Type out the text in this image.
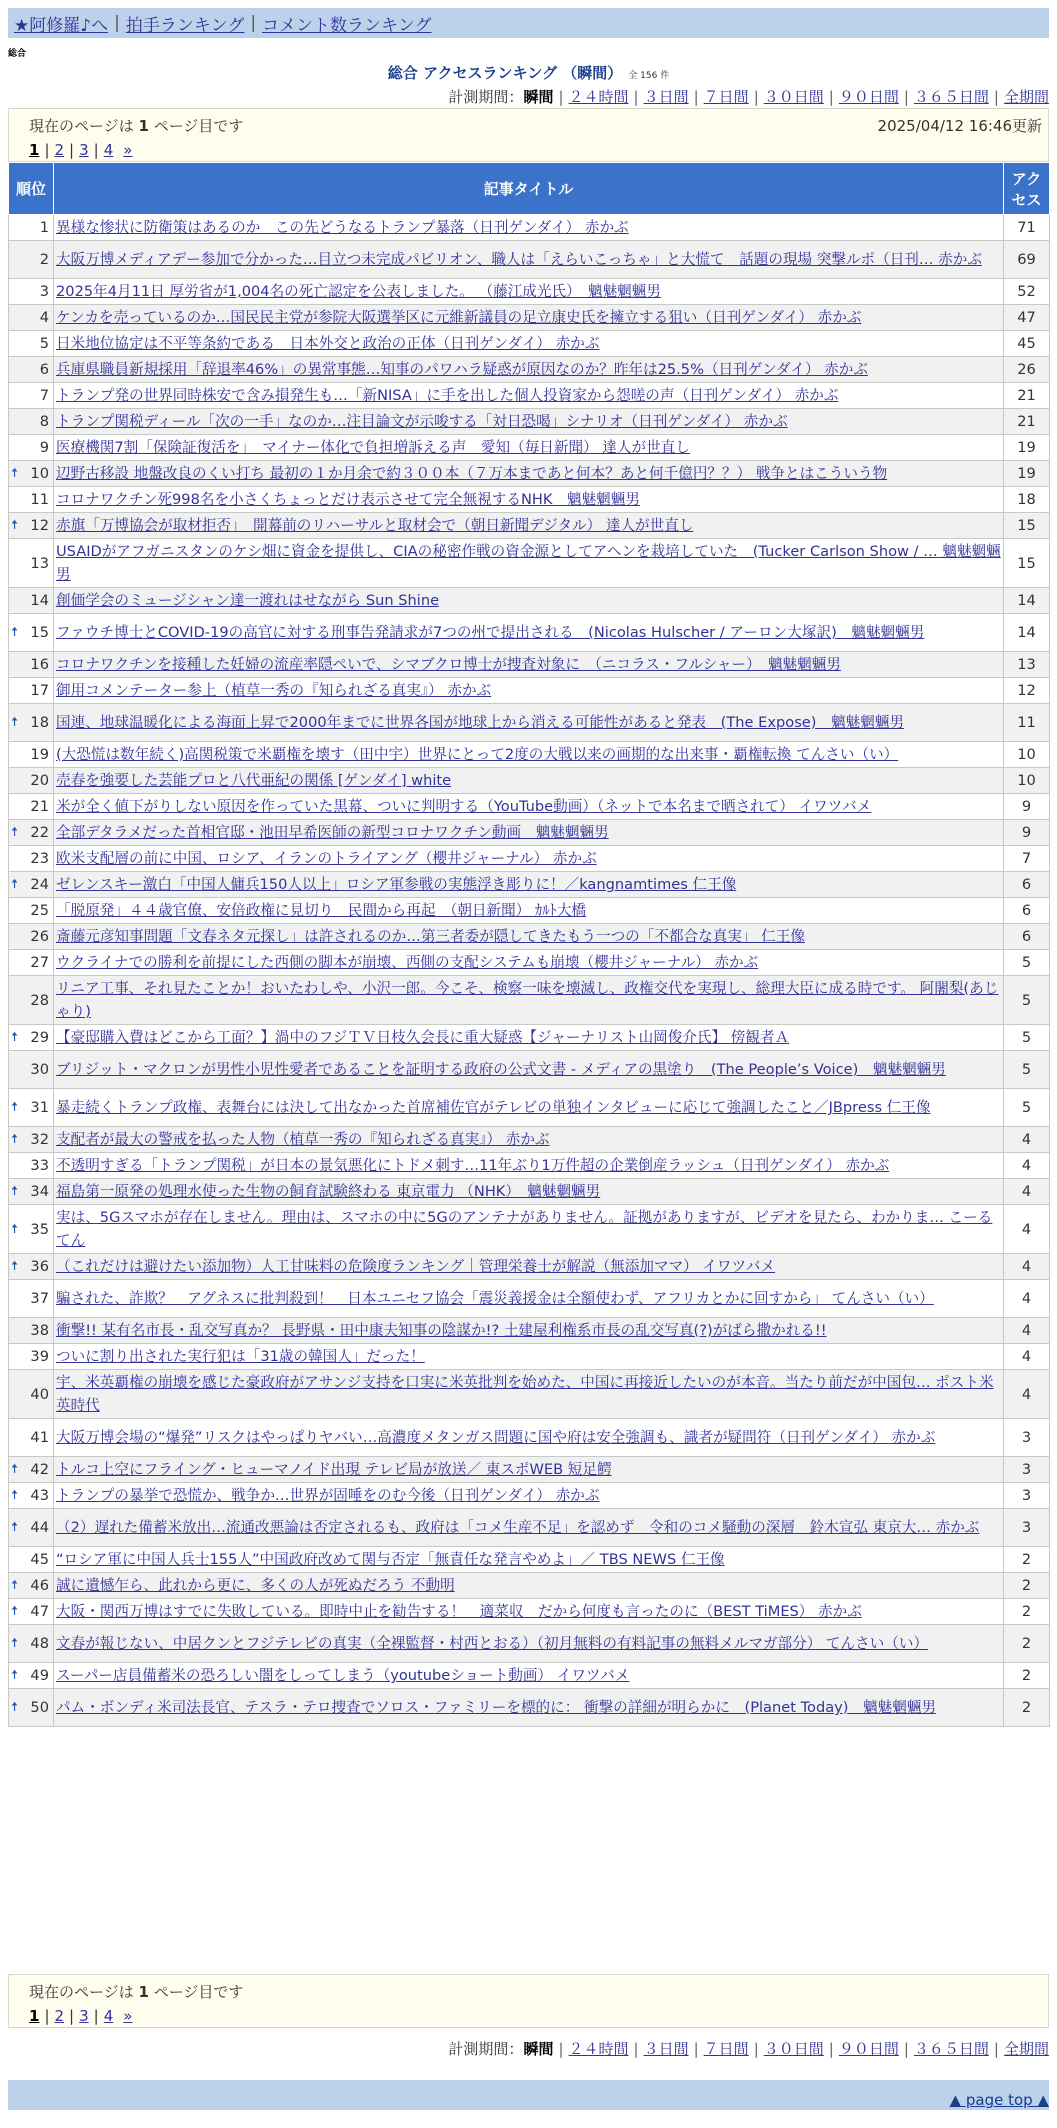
★阿修羅♪へ | 拍手ランキング | コメント数ランキング
総合
総合 アクセスランキング （瞬間） 全 156 件
計測期間：瞬間 | ２４時間 | ３日間 | ７日間 | ３０日間 | ９０日間 | ３６５日間 | 全期間
現在のページは 1 ページ目です	2025/04/12 16:46更新
1 | 2 | 3 | 4 »
順位	記事タイトル	アクセス
1	異様な惨状に防衛策はあるのか　この先どうなるトランプ暴落（日刊ゲンダイ） 赤かぶ	71
2	大阪万博メディアデー参加で分かった…目立つ未完成パビリオン、職人は「えらいこっちゃ」と大慌て　話題の現場 突撃ルポ（日刊… 赤かぶ	69
3	2025年4月11日 厚労省が1,004名の死亡認定を公表しました。 （藤江成光氏）　魑魅魍魎男	52
4	ケンカを売っているのか…国民民主党が参院大阪選挙区に元維新議員の足立康史氏を擁立する狙い（日刊ゲンダイ） 赤かぶ	47
5	日米地位協定は不平等条約である　日本外交と政治の正体（日刊ゲンダイ） 赤かぶ	45
6	兵庫県職員新規採用「辞退率46%」の異常事態…知事のパワハラ疑惑が原因なのか？昨年は25.5%（日刊ゲンダイ） 赤かぶ	26
7	トランプ発の世界同時株安で含み損発生も…「新NISA」に手を出した個人投資家から怨嗟の声（日刊ゲンダイ） 赤かぶ	21
8	トランプ関税ディール「次の一手」なのか…注目論文が示唆する「対日恐喝」シナリオ（日刊ゲンダイ） 赤かぶ	21
9	医療機関7割「保険証復活を」　マイナー体化で負担増訴える声　愛知（毎日新聞） 達人が世直し	19

🠅 10	辺野古移設 地盤改良のくい打ち 最初の１か月余で約３００本（７万本まであと何本？あと何千億円？？） 戦争とはこういう物	19
11	コロナワクチン死998名を小さくちょっとだけ表示させて完全無視するNHK　魑魅魍魎男	18

🠅 12	赤旗「万博協会が取材拒否」　開幕前のリハーサルと取材会で（朝日新聞デジタル） 達人が世直し	15
13	USAIDがアフガニスタンのケシ畑に資金を提供し、CIAの秘密作戦の資金源としてアヘンを栽培していた　(Tucker Carlson Show / … 魑魅魍魎男	15
14	創価学会のミュージシャン達一渡れはせながら Sun Shine	14

🠅 15	ファウチ博士とCOVID-19の高官に対する刑事告発請求が7つの州で提出される　(Nicolas Hulscher / アーロン大塚訳)　魑魅魍魎男	14
16	コロナワクチンを接種した妊婦の流産率隠ぺいで、シマブクロ博士が捜査対象に　（ニコラス・フルシャー）　魑魅魍魎男	13
17	御用コメンテーター参上（植草一秀の『知られざる真実』） 赤かぶ	12

🠅 18	国連、地球温暖化による海面上昇で2000年までに世界各国が地球上から消える可能性があると発表　(The Expose)　魑魅魍魎男	11
19	(大恐慌は数年続く)高関税策で米覇権を壊す（田中宇）世界にとって2度の大戦以来の画期的な出来事・覇権転換 てんさい（い）	10
20	売春を強要した芸能プロと八代亜紀の関係 [ゲンダイ] white	10
21	米が全く値下がりしない原因を作っていた黒幕、ついに判明する（YouTube動画）（ネットで本名まで晒されて） イワツバメ	9

🠅 22	全部デタラメだった首相官邸・池田早希医師の新型コロナワクチン動画　魑魅魍魎男	9
23	欧米支配層の前に中国、ロシア、イランのトライアング（櫻井ジャーナル） 赤かぶ	7

🠅 24	ゼレンスキー激白「中国人傭兵150人以上」ロシア軍参戦の実態浮き彫りに！／kangnamtimes 仁王像	6
25	「脱原発」４４歳官僚、安倍政権に見切り　民間から再起　（朝日新聞） ｶﾙﾄ大橋	6
26	斎藤元彦知事問題「文春ネタ元探し」は許されるのか…第三者委が隠してきたもう一つの「不都合な真実」 仁王像	6
27	ウクライナでの勝利を前提にした西側の脚本が崩壊、西側の支配システムも崩壊（櫻井ジャーナル） 赤かぶ	5
28	リニア工事、それ見たことか！おいたわしや、小沢一郎。今こそ、検察一味を壊滅し、政権交代を実現し、総理大臣に成る時です。 阿闍梨(あじゃり)	5

🠅 29	【豪邸購入費はどこから工面？】渦中のフジＴＶ日枝久会長に重大疑惑【ジャーナリスト山岡俊介氏】 傍観者Ａ	5
30	ブリジット・マクロンが男性小児性愛者であることを証明する政府の公式文書 - メディアの黒塗り　(The People’s Voice)　魑魅魍魎男	5

🠅 31	暴走続くトランプ政権、表舞台には決して出なかった首席補佐官がテレビの単独インタビューに応じて強調したこと／JBpress 仁王像	5

🠅 32	支配者が最大の警戒を払った人物（植草一秀の『知られざる真実』） 赤かぶ	4
33	不透明すぎる「トランプ関税」が日本の景気悪化にトドメ刺す…11年ぶり1万件超の企業倒産ラッシュ（日刊ゲンダイ） 赤かぶ	4

🠅 34	福島第一原発の処理水使った生物の飼育試験終わる 東京電力 （NHK）　魑魅魍魎男	4

🠅 35	実は、5Gスマホが存在しません。理由は、スマホの中に5Gのアンテナがありません。証拠がありますが、ビデオを見たら、わかりま… こーるてん	4

🠅 36	（これだけは避けたい添加物）人工甘味料の危険度ランキング｜管理栄養士が解説（無添加ママ） イワツバメ	4
37	騙された、詐欺？　アグネスに批判殺到！　日本ユニセフ協会「震災義援金は全額使わず、アフリカとかに回すから」 てんさい（い）	4
38	衝撃!! 某有名市長・乱交写真か？ 長野県・田中康夫知事の陰謀か!? 土建屋利権系市長の乱交写真(?)がばら撒かれる!!	4
39	ついに割り出された実行犯は「31歳の韓国人」だった！	4
40	宇、米英覇権の崩壊を感じた豪政府がアサンジ支持を口実に米英批判を始めた、中国に再接近したいのが本音。当たり前だが中国包… ポスト米英時代	4
41	大阪万博会場の“爆発”リスクはやっぱりヤバい…高濃度メタンガス問題に国や府は安全強調も、識者が疑問符（日刊ゲンダイ） 赤かぶ	3

🠅 42	トルコ上空にフライング・ヒューマノイド出現 テレビ局が放送／ 東スポWEB 短足鰐	3

🠅 43	トランプの暴挙で恐慌か、戦争か…世界が固唾をのむ今後（日刊ゲンダイ） 赤かぶ	3

🠅 44	（2）遅れた備蓄米放出…流通改悪論は否定されるも、政府は「コメ生産不足」を認めず　令和のコメ騒動の深層　鈴木宣弘 東京大… 赤かぶ	3
45	“ロシア軍に中国人兵士155人”中国政府改めて関与否定「無責任な発言やめよ」／ TBS NEWS 仁王像	2

🠅 46	誠に遺憾乍ら、此れから更に、多くの人が死ぬだろう 不動明	2

🠅 47	大阪・関西万博はすでに失敗している。即時中止を勧告する！　適菜収　だから何度も言ったのに（BEST TiMES） 赤かぶ	2

🠅 48	文春が報じない、中居クンとフジテレビの真実（全裸監督・村西とおる）（初月無料の有料記事の無料メルマガ部分） てんさい（い）	2

🠅 49	スーパー店員備蓄米の恐ろしい闇をしってしまう（youtubeショート動画） イワツバメ	2

🠅 50	パム・ボンディ米司法長官、テスラ・テロ捜査でソロス・ファミリーを標的に： 衝撃の詳細が明らかに　(Planet Today)　魑魅魍魎男	2
現在のページは 1 ページ目です
1 | 2 | 3 | 4 »
計測期間：瞬間 | ２４時間 | ３日間 | ７日間 | ３０日間 | ９０日間 | ３６５日間 | 全期間
▲ page top ▲
